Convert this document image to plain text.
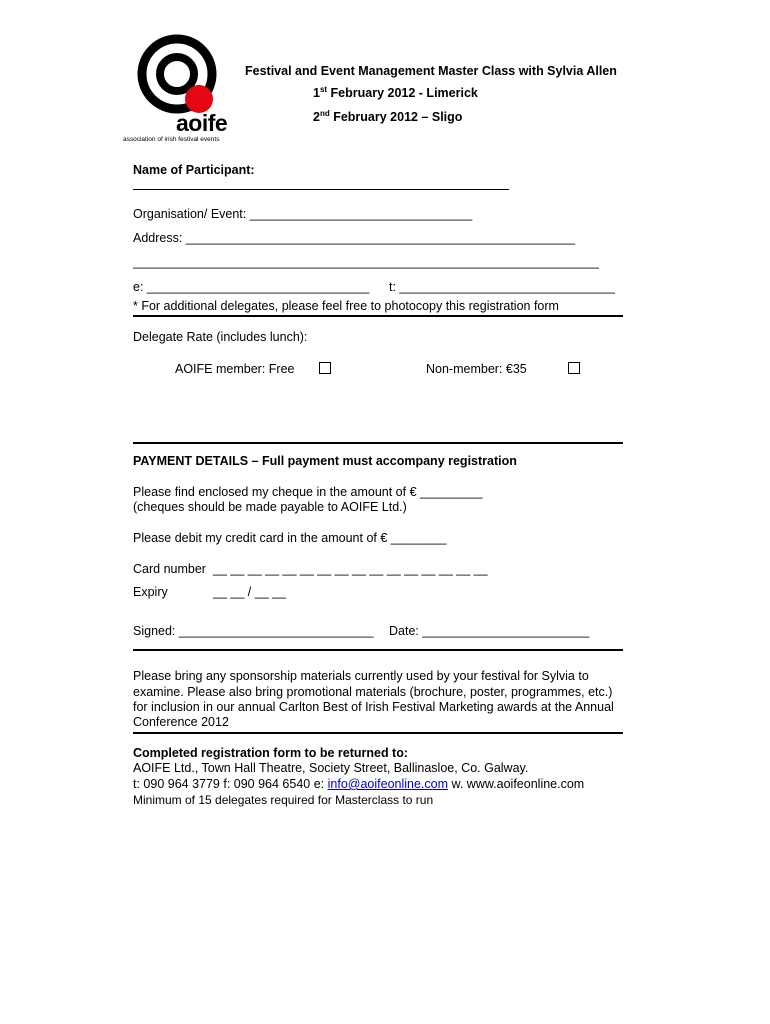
aoife
association of irish festival events
Festival and Event Management Master Class with Sylvia Allen
1st February 2012 - Limerick
2nd February 2012 – Sligo
Name of Participant:
Organisation/ Event: ________________________________
Address: ________________________________________________________
___________________________________________________________________
e: ________________________________ t: _______________________________
* For additional delegates, please feel free to photocopy this registration form
Delegate Rate (includes lunch):
AOIFE member: Free	Non-member: €35
PAYMENT DETAILS – Full payment must accompany registration
Please find enclosed my cheque in the amount of € _________
(cheques should be made payable to AOIFE Ltd.)
Please debit my credit card in the amount of € ________
Card number __ __ __ __ __ __ __ __ __ __ __ __ __ __ __ __
Expiry	__ __ / __ __
Signed: ____________________________ Date: ________________________
Please bring any sponsorship materials currently used by your festival for Sylvia to
examine. Please also bring promotional materials (brochure, poster, programmes, etc.)
for inclusion in our annual Carlton Best of Irish Festival Marketing awards at the Annual
Conference 2012
Completed registration form to be returned to:
AOIFE Ltd., Town Hall Theatre, Society Street, Ballinasloe, Co. Galway.
t: 090 964 3779 f: 090 964 6540 e: info@aoifeonline.com w. www.aoifeonline.com
Minimum of 15 delegates required for Masterclass to run
